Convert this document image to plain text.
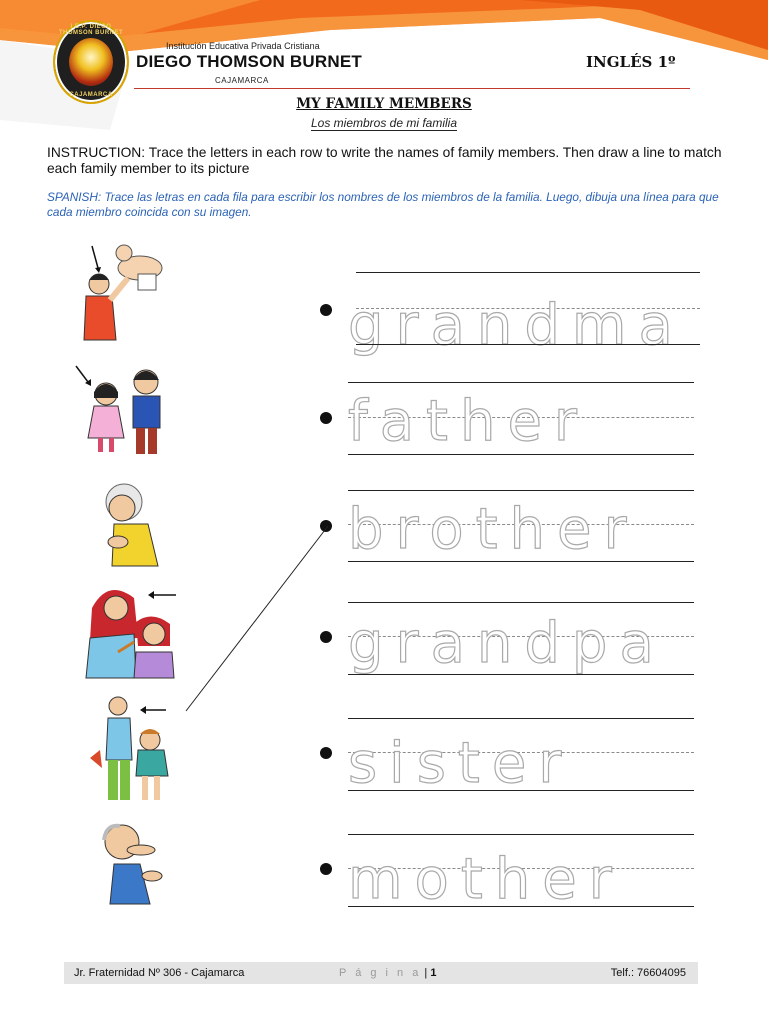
I.E.P. DIEGO THOMSON BURNET
CAJAMARCA
Institución Educativa Privada Cristiana
DIEGO THOMSON BURNET
CAJAMARCA
INGLÉS 1º
MY FAMILY MEMBERS
Los miembros de mi familia
INSTRUCTION: Trace the letters in each row to write the names of family members. Then draw a line to match each family member to its picture
SPANISH: Trace las letras en cada fila para escribir los nombres de los miembros de la familia. Luego, dibuja una línea para que cada miembro coincida con su imagen.
grandma
father
brother
grandpa
sister
mother
Jr. Fraternidad Nº 306 - Cajamarca	P á g i n a | 1	Telf.: 76604095
